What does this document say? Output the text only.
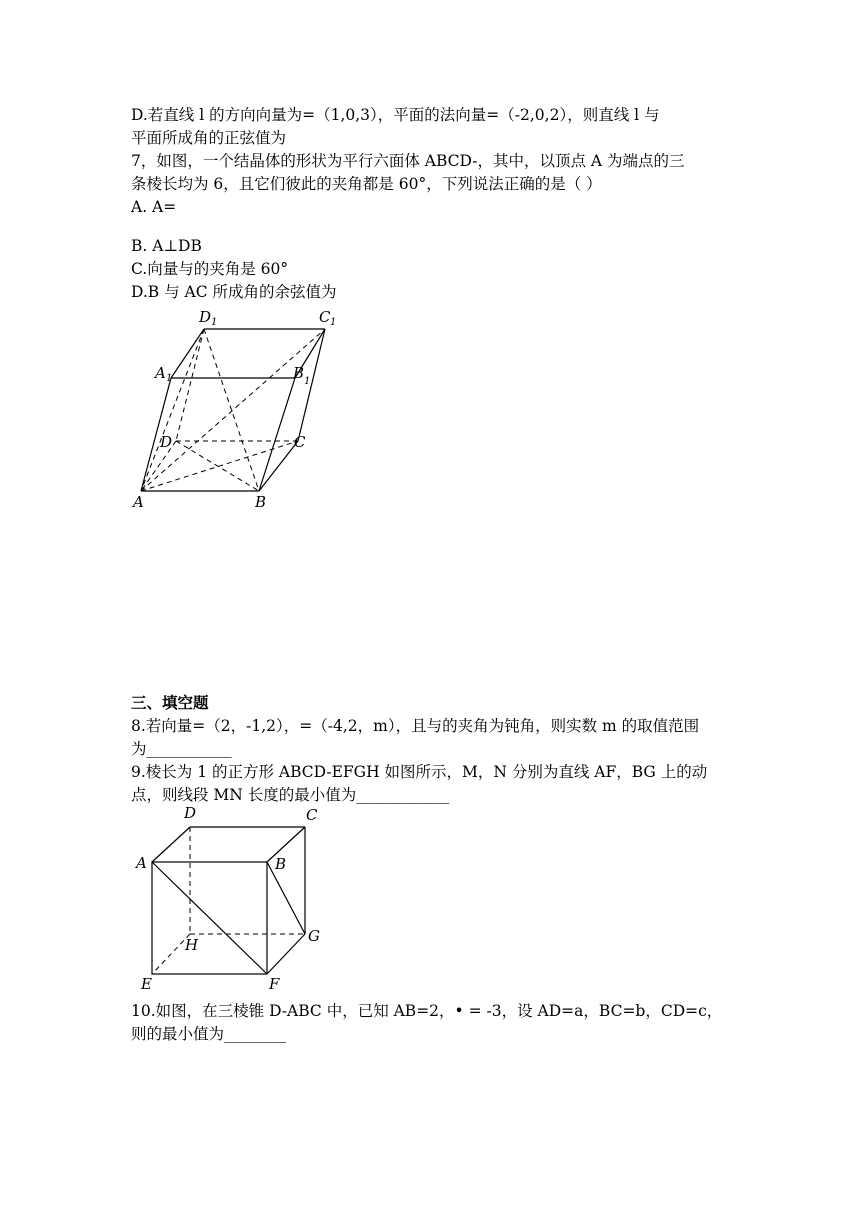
D.若直线 l 的方向向量为=（1,0,3），平面的法向量=（-2,0,2），则直线 l 与
平面所成角的正弦值为
7，如图，一个结晶体的形状为平行六面体 ABCD-，其中，以顶点 A 为端点的三
条棱长均为 6，且它们彼此的夹角都是 60°，下列说法正确的是（ ）
A. A=
B. A⊥DB
C.向量与的夹角是 60°
D.B 与 AC 所成角的余弦值为
D 1	C 1
A 1	B 1
D	C
A	B
三、填空题
8.若向量=（2，-1,2），=（-4,2，m），且与的夹角为钝角，则实数 m 的取值范围
为___________
9.棱长为 1 的正方形 ABCD-EFGH 如图所示，M，N 分别为直线 AF，BG 上的动
点，则线段 MN 长度的最小值为____________
D	C
A	B
H	G
E	F
10.如图，在三棱锥 D-ABC 中，已知 AB=2，• = -3，设 AD=a，BC=b，CD=c，
则的最小值为________
